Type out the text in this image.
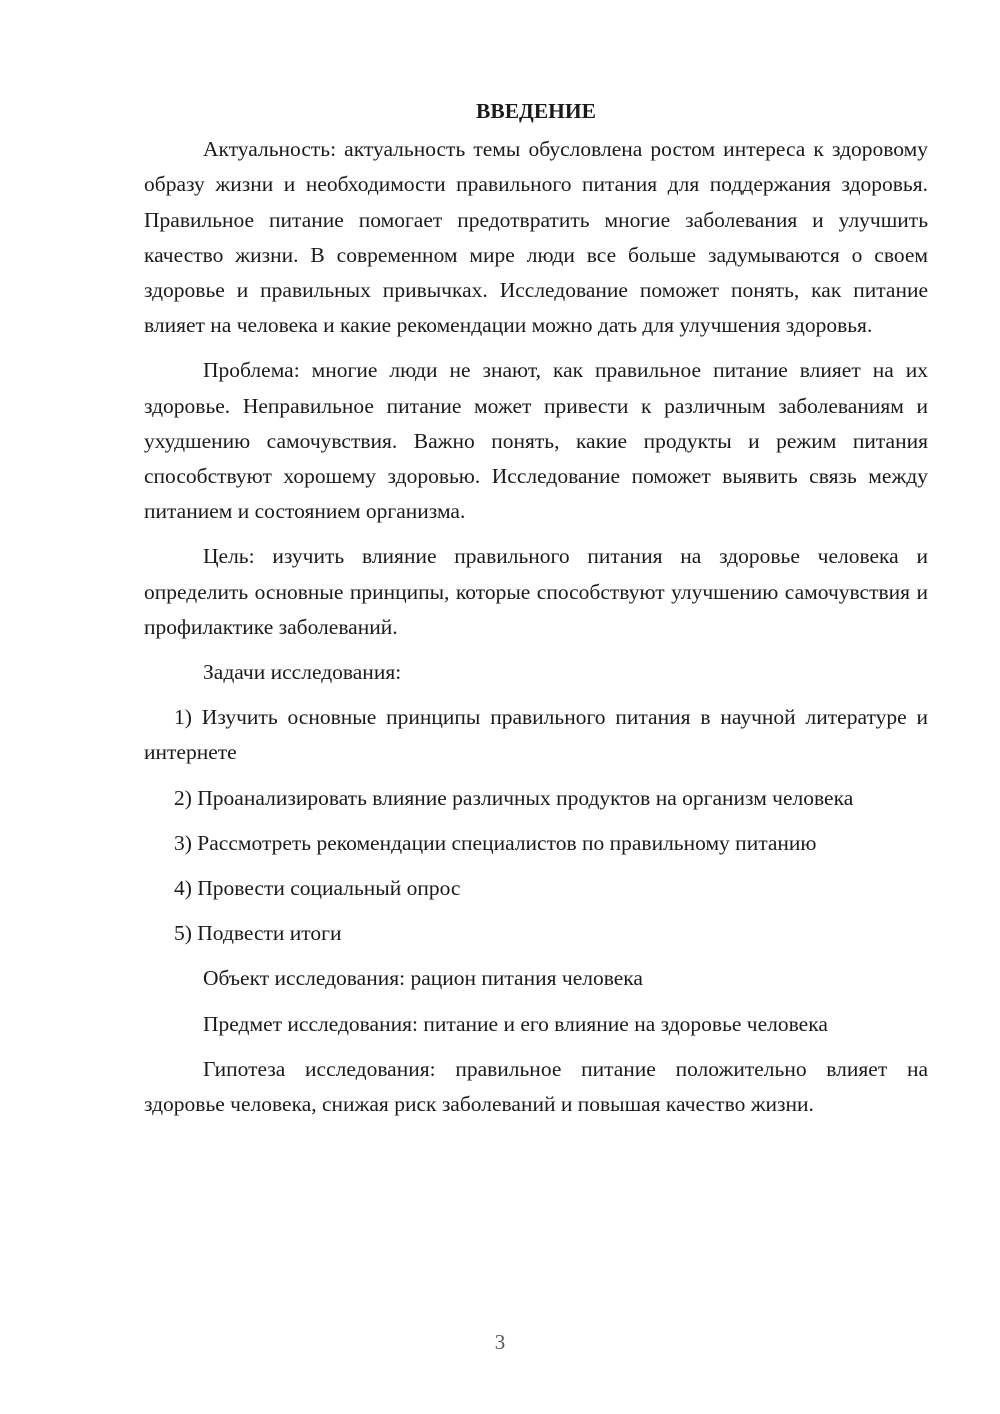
ВВЕДЕНИЕ

Актуальность: актуальность темы обусловлена ростом интереса к здоровому образу жизни и необходимости правильного питания для поддержания здоровья. Правильное питание помогает предотвратить многие заболевания и улучшить качество жизни. В современном мире люди все больше задумываются о своем здоровье и правильных привычках. Исследование поможет понять, как питание влияет на человека и какие рекомендации можно дать для улучшения здоровья.

Проблема: многие люди не знают, как правильное питание влияет на их здоровье. Неправильное питание может привести к различным заболеваниям и ухудшению самочувствия. Важно понять, какие продукты и режим питания способствуют хорошему здоровью. Исследование поможет выявить связь между питанием и состоянием организма.

Цель: изучить влияние правильного питания на здоровье человека и определить основные принципы, которые способствуют улучшению самочувствия и профилактике заболеваний.

Задачи исследования:

1) Изучить основные принципы правильного питания в научной литературе и интернете

2) Проанализировать влияние различных продуктов на организм человека

3) Рассмотреть рекомендации специалистов по правильному питанию

4) Провести социальный опрос

5) Подвести итоги

Объект исследования: рацион питания человека

Предмет исследования: питание и его влияние на здоровье человека

Гипотеза исследования: правильное питание положительно влияет на здоровье человека, снижая риск заболеваний и повышая качество жизни.

3
